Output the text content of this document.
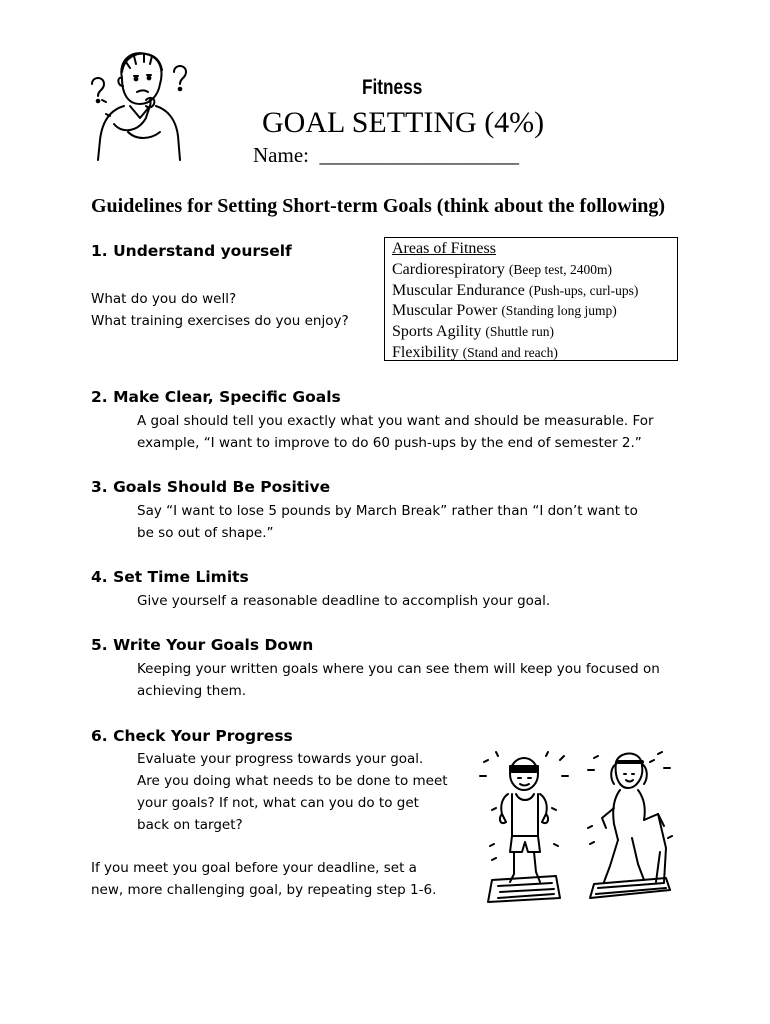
Fitness
GOAL SETTING (4%)
Name:  ___________________
Guidelines for Setting Short-term Goals (think about the following)
1. Understand yourself
What do you do well?
What training exercises do you enjoy?
Areas of Fitness
Cardiorespiratory (Beep test, 2400m)
Muscular Endurance (Push-ups, curl-ups)
Muscular Power (Standing long jump)
Sports Agility (Shuttle run)
Flexibility (Stand and reach)
2. Make Clear, Specific Goals
A goal should tell you exactly what you want and should be measurable. For
example, “I want to improve to do 60 push-ups by the end of semester 2.”
3. Goals Should Be Positive
Say “I want to lose 5 pounds by March Break” rather than “I don’t want to
be so out of shape.”
4. Set Time Limits
Give yourself a reasonable deadline to accomplish your goal.
5. Write Your Goals Down
Keeping your written goals where you can see them will keep you focused on
achieving them.
6. Check Your Progress
Evaluate your progress towards your goal.
Are you doing what needs to be done to meet
your goals? If not, what can you do to get
back on target?
If you meet you goal before your deadline, set a
new, more challenging goal, by repeating step 1-6.
